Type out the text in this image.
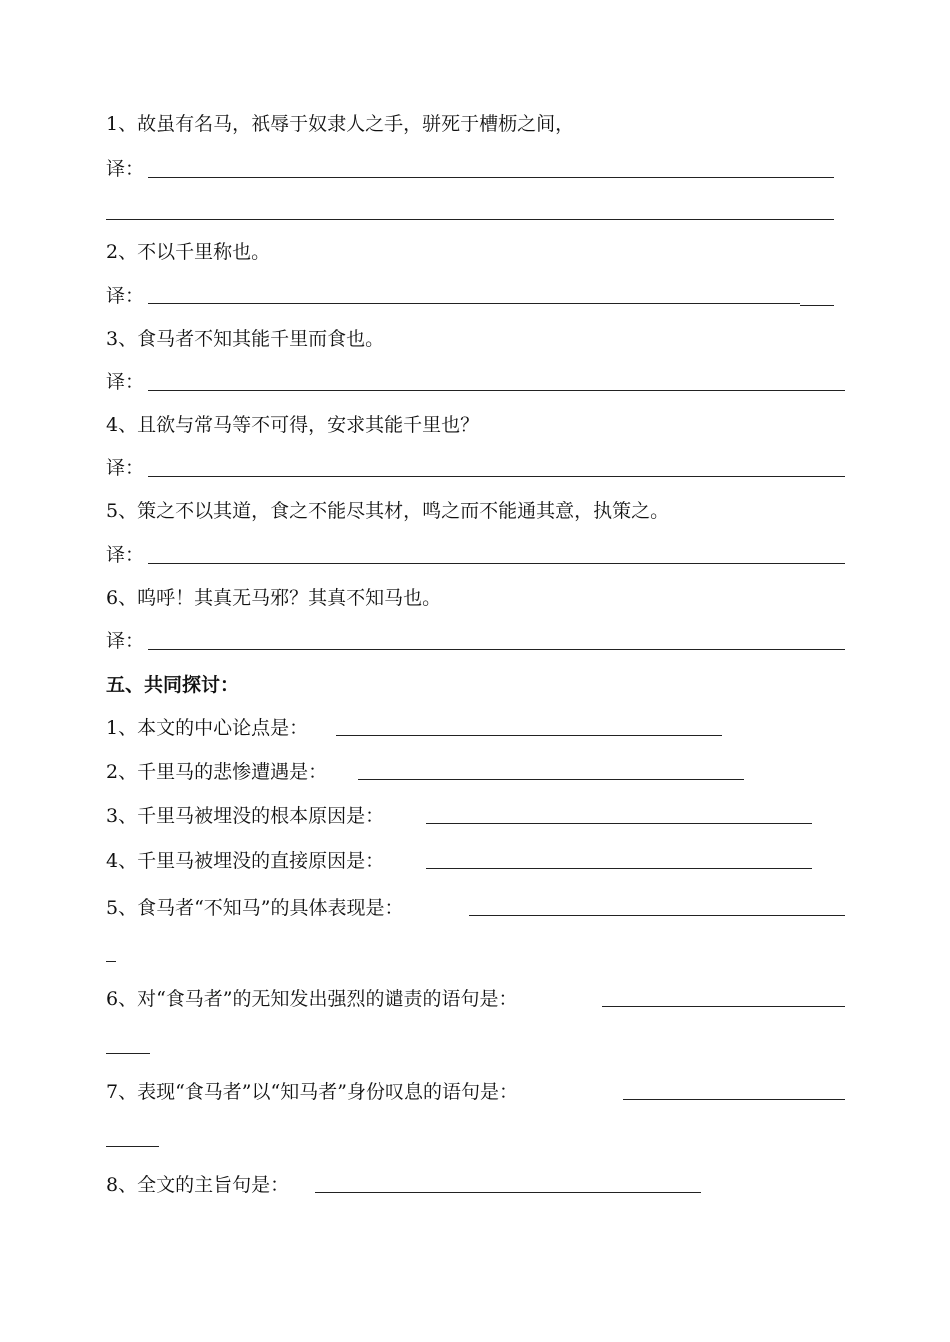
1、故虽有名马，祇辱于奴隶人之手，骈死于槽枥之间，
译：
2、不以千里称也。
译：
3、食马者不知其能千里而食也。
译：
4、且欲与常马等不可得，安求其能千里也？
译：
5、策之不以其道，食之不能尽其材，鸣之而不能通其意，执策之。
译：
6、呜呼！其真无马邪？其真不知马也。
译：
五、共同探讨：
1、本文的中心论点是：
2、千里马的悲惨遭遇是：
3、千里马被埋没的根本原因是：
4、千里马被埋没的直接原因是：
5、食马者“不知马”的具体表现是：
6、对“食马者”的无知发出强烈的谴责的语句是：
7、表现“食马者”以“知马者”身份叹息的语句是：
8、全文的主旨句是：
